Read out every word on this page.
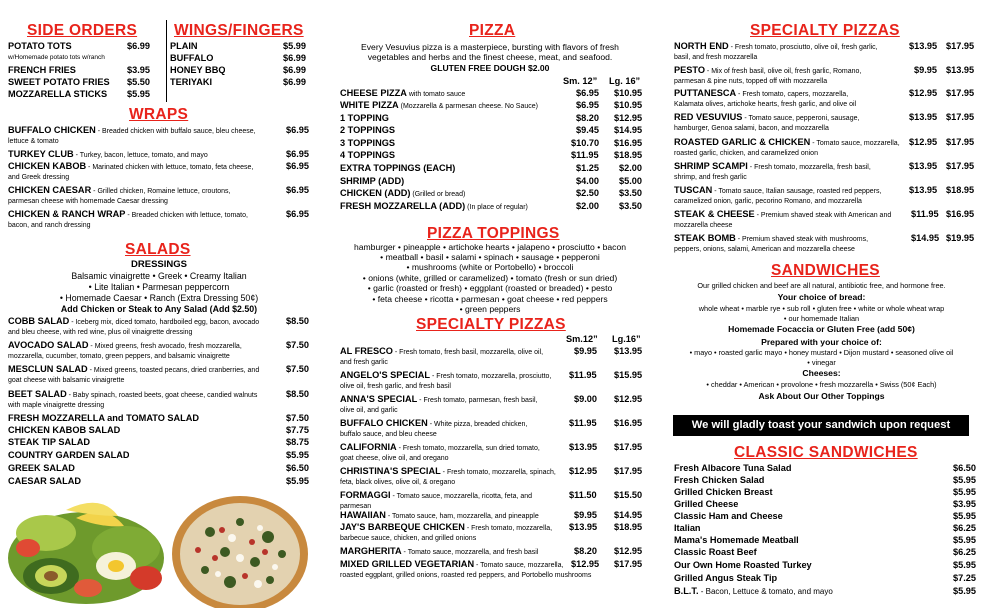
SIDE ORDERS
POTATO TOTS	$6.99
w/Homemade potato tots w/ranch
FRENCH FRIES	$3.95
SWEET POTATO FRIES $5.50
MOZZARELLA STICKS $5.95
WINGS/FINGERS
PLAIN	$5.99
BUFFALO	$6.99
HONEY BBQ	$6.99
TERIYAKI	$6.99
WRAPS
BUFFALO CHICKEN - Breaded chicken with buffalo sauce, bleu cheese,
lettuce & tomato
$6.95
TURKEY CLUB - Turkey, bacon, lettuce, tomato, and mayo	$6.95
CHICKEN KABOB - Marinated chicken with lettuce, tomato, feta cheese,
and Greek dressing
$6.95
CHICKEN CAESAR - Grilled chicken, Romaine lettuce, croutons,
parmesan cheese with homemade Caesar dressing
$6.95
CHICKEN & RANCH WRAP - Breaded chicken with lettuce, tomato,
bacon, and ranch dressing
$6.95
SALADS
DRESSINGS
Balsamic vinaigrette • Greek • Creamy Italian
• Lite Italian • Parmesan peppercorn
• Homemade Caesar • Ranch (Extra Dressing 50¢)
Add Chicken or Steak to Any Salad (Add $2.50)
COBB SALAD - Iceberg mix, diced tomato, hardboiled egg, bacon, avocado
and bleu cheese, with red wine, plus oil vinaigrette dressing
$8.50
AVOCADO SALAD - Mixed greens, fresh avocado, fresh mozzarella,
mozzarella, cucumber, tomato, green peppers, and balsamic vinaigrette
$7.50
MESCLUN SALAD - Mixed greens, toasted pecans, dried cranberries, and
goat cheese with balsamic vinaigrette
$7.50
BEET SALAD - Baby spinach, roasted beets, goat cheese, candied walnuts
with maple vinaigrette dressing
$8.50
FRESH MOZZARELLA and TOMATO SALAD	$7.50
CHICKEN KABOB SALAD	$7.75
STEAK TIP SALAD	$8.75
COUNTRY GARDEN SALAD	$5.95
GREEK SALAD	$6.50
CAESAR SALAD	$5.95
PIZZA
Every Vesuvius pizza is a masterpiece, bursting with flavors of fresh
vegetables and herbs and the finest cheese, meat, and seafood.
GLUTEN FREE DOUGH $2.00
Sm. 12” Lg. 16”
CHEESE PIZZA with tomato sauce	$6.95 $10.95
WHITE PIZZA (Mozzarella & parmesan cheese. No Sauce)	$6.95 $10.95
1 TOPPING	$8.20 $12.95
2 TOPPINGS	$9.45 $14.95
3 TOPPINGS	$10.70 $16.95
4 TOPPINGS	$11.95 $18.95
EXTRA TOPPINGS (EACH)	$1.25 $2.00
SHRIMP (ADD)	$4.00 $5.00
CHICKEN (ADD) (Grilled or bread)	$2.50 $3.50
FRESH MOZZARELLA (ADD) (In place of regular)	$2.00 $3.50
PIZZA TOPPINGS
hamburger • pineapple • artichoke hearts • jalapeno • prosciutto • bacon
• meatball • basil • salami • spinach • sausage • pepperoni
• mushrooms (white or Portobello) • broccoli
• onions (white, grilled or caramelized) • tomato (fresh or sun dried)
• garlic (roasted or fresh) • eggplant (roasted or breaded) • pesto
• feta cheese • ricotta • parmesan • goat cheese • red peppers
• green peppers
SPECIALTY PIZZAS
Sm.12” Lg.16”
AL FRESCO - Fresh tomato, fresh basil, mozzarella, olive oil,
and fresh garlic
$9.95 $13.95
ANGELO'S SPECIAL - Fresh tomato, mozzarella, prosciutto,
olive oil, fresh garlic, and fresh basil
$11.95 $15.95
ANNA'S SPECIAL - Fresh tomato, parmesan, fresh basil,
olive oil, and garlic
$9.00 $12.95
BUFFALO CHICKEN - White pizza, breaded chicken,
buffalo sauce, and bleu cheese
$11.95 $16.95
CALIFORNIA - Fresh tomato, mozzarella, sun dried tomato,
goat cheese, olive oil, and oregano
$13.95 $17.95
CHRISTINA'S SPECIAL - Fresh tomato, mozzarella, spinach,
feta, black olives, olive oil, & oregano
$12.95 $17.95
FORMAGGI - Tomato sauce, mozzarella, ricotta, feta, and
parmesan
$11.50 $15.50
HAWAIIAN - Tomato sauce, ham, mozzarella, and pineapple	$9.95 $14.95
JAY'S BARBEQUE CHICKEN - Fresh tomato, mozzarella,
barbecue sauce, chicken, and grilled onions
$13.95 $18.95
MARGHERITA - Tomato sauce, mozzarella, and fresh basil	$8.20 $12.95
MIXED GRILLED VEGETARIAN - Tomato sauce, mozzarella,
roasted eggplant, grilled onions, roasted red peppers, and Portobello mushrooms
$12.95 $17.95
SPECIALTY PIZZAS
NORTH END - Fresh tomato, prosciutto, olive oil, fresh garlic,
basil, and fresh mozzarella
$13.95 $17.95
PESTO - Mix of fresh basil, olive oil, fresh garlic, Romano,
parmesan & pine nuts, topped off with mozzarella
$9.95 $13.95
PUTTANESCA - Fresh tomato, capers, mozzarella,
Kalamata olives, artichoke hearts, fresh garlic, and olive oil
$12.95 $17.95
RED VESUVIUS - Tomato sauce, pepperoni, sausage,
hamburger, Genoa salami, bacon, and mozzarella
$13.95 $17.95
ROASTED GARLIC & CHICKEN - Tomato sauce, mozzarella,
roasted garlic, chicken, and caramelized onion
$12.95 $17.95
SHRIMP SCAMPI - Fresh tomato, mozzarella, fresh basil,
shrimp, and fresh garlic
$13.95 $17.95
TUSCAN - Tomato sauce, Italian sausage, roasted red peppers,
caramelized onion, garlic, pecorino Romano, and mozzarella
$13.95 $18.95
STEAK & CHEESE - Premium shaved steak with American and
mozzarella cheese
$11.95 $16.95
STEAK BOMB - Premium shaved steak with mushrooms,
peppers, onions, salami, American and mozzarella cheese
$14.95 $19.95
SANDWICHES
Our grilled chicken and beef are all natural, antibiotic free, and hormone free.
Your choice of bread:
whole wheat • marble rye • sub roll • gluten free • white or whole wheat wrap
• our homemade Italian
Homemade Focaccia or Gluten Free (add 50¢)
Prepared with your choice of:
• mayo • roasted garlic mayo • honey mustard • Dijon mustard • seasoned olive oil
• vinegar
Cheeses:
• cheddar • American • provolone • fresh mozzarella • Swiss (50¢ Each)
Ask About Our Other Toppings
We will gladly toast your sandwich upon request
CLASSIC SANDWICHES
Fresh Albacore Tuna Salad	$6.50
Fresh Chicken Salad	$5.95
Grilled Chicken Breast	$5.95
Grilled Cheese	$3.95
Classic Ham and Cheese	$5.95
Italian	$6.25
Mama's Homemade Meatball	$5.95
Classic Roast Beef	$6.25
Our Own Home Roasted Turkey	$5.95
Grilled Angus Steak Tip	$7.25
B.L.T. - Bacon, Lettuce & tomato, and mayo	$5.95
